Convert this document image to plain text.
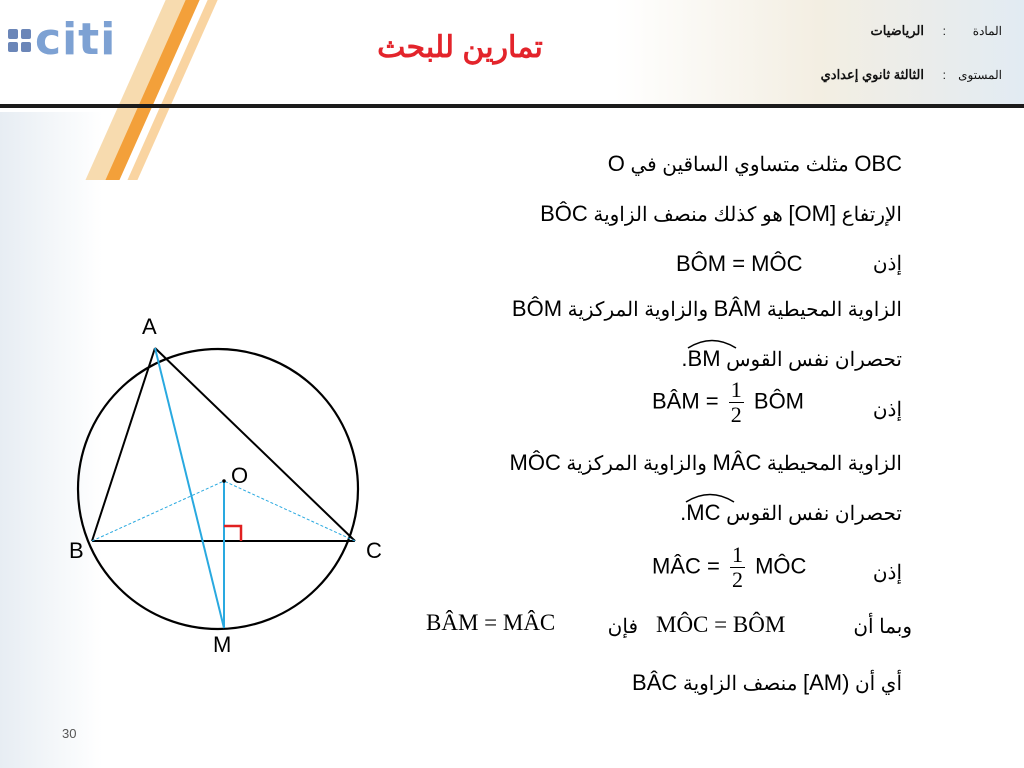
citi	تمارين للبحث	المادة
:
الرياضيات
المستوى
:
الثالثة ثانوي إعدادي
A
B	C
O
M
OBC مثلث متساوي الساقين في O
الإرتفاع [OM] هو كذلك منصف الزاوية BÔC
إذن
BÔM = MÔC
الزاوية المحيطية BÂM والزاوية المركزية BÔM
تحصران نفس القوس
BM.
إذن
BÂM = $\frac{1}{2}$ BÔM
الزاوية المحيطية MÂC والزاوية المركزية MÔC
تحصران نفس القوس
MC.
إذن
MÂC = $\frac{1}{2}$ MÔC
وبما أن
MÔC = BÔM
فإن
BÂM = MÂC
أي أن [AM) منصف الزاوية BÂC
30
